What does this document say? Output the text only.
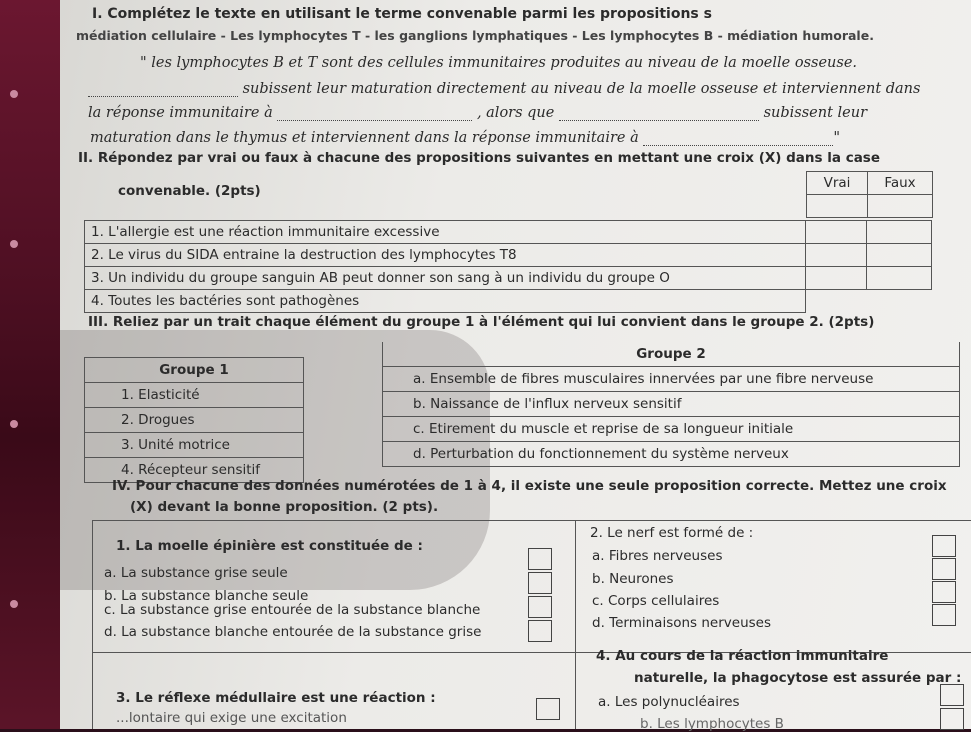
I. Complétez le texte en utilisant le terme convenable parmi les propositions s
médiation cellulaire - Les lymphocytes T - les ganglions lymphatiques - Les lymphocytes B - médiation humorale.
" les lymphocytes B et T sont des cellules immunitaires produites au niveau de la moelle osseuse.
subissent leur maturation directement au niveau de la moelle osseuse et interviennent dans
la réponse immunitaire à	, alors que	subissent leur
maturation dans le thymus et interviennent dans la réponse immunitaire à	"
II. Répondez par vrai ou faux à chacune des propositions suivantes en mettant une croix (X) dans la case
convenable. (2pts)	Vrai	Faux

1. L'allergie est une réaction immunitaire excessive		
2. Le virus du SIDA entraine la destruction des lymphocytes T8		
3. Un individu du groupe sanguin AB peut donner son sang à un individu du groupe O		
4. Toutes les bactéries sont pathogènes		
III. Reliez par un trait chaque élément du groupe 1 à l'élément qui lui convient dans le groupe 2. (2pts)
Groupe 1
1. Elasticité
2. Drogues
3. Unité motrice
4. Récepteur sensitif
Groupe 2
a. Ensemble de fibres musculaires innervées par une fibre nerveuse
b. Naissance de l'influx nerveux sensitif
c. Etirement du muscle et reprise de sa longueur initiale
d. Perturbation du fonctionnement du système nerveux
IV. Pour chacune des données numérotées de 1 à 4, il existe une seule proposition correcte. Mettez une croix
(X) devant la bonne proposition. (2 pts).
1. La moelle épinière est constituée de :
a. La substance grise seule
b. La substance blanche seule
c. La substance grise entourée de la substance blanche
d. La substance blanche entourée de la substance grise
2. Le nerf est formé de :
a. Fibres nerveuses
b. Neurones
c. Corps cellulaires
d. Terminaisons nerveuses
3. Le réflexe médullaire est une réaction :
...lontaire qui exige une excitation
4. Au cours de la réaction immunitaire
naturelle, la phagocytose est assurée par :
a. Les polynucléaires
b. Les lymphocytes B
